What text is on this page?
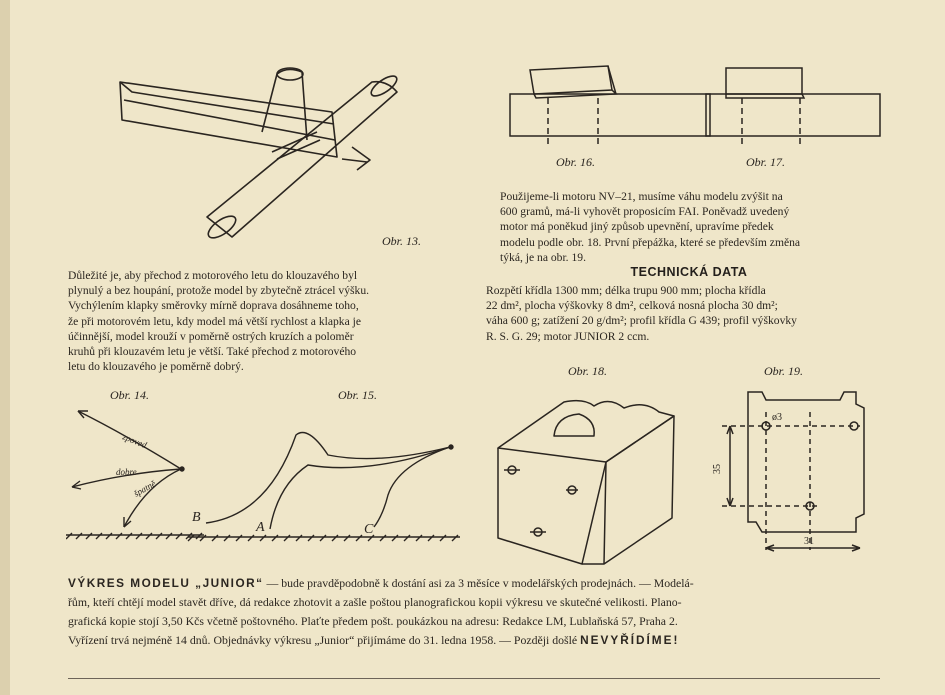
Obr. 13.
Obr. 16.	Obr. 17.
Použijeme-li motoru NV–21, musíme váhu modelu zvýšit na
600 gramů, má-li vyhovět proposicím FAI. Poněvadž uvedený
motor má poněkud jiný způsob upevnění, upravíme předek
modelu podle obr. 18. První přepážka, které se především změna
týká, je na obr. 19.
TECHNICKÁ DATA
Rozpětí křídla 1300 mm; délka trupu 900 mm; plocha křídla
22 dm², plocha výškovky 8 dm², celková nosná plocha 30 dm²;
váha 600 g; zatížení 20 g/dm²; profil křídla G 439; profil výškovky
R. S. G. 29; motor JUNIOR 2 ccm.
Důležité je, aby přechod z motorového letu do klouzavého byl
plynulý a bez houpání, protože model by zbytečně ztrácel výšku.
Vychýlením klapky směrovky mírně doprava dosáhneme toho,
že při motorovém letu, kdy model má větší rychlost a klapka je
účinnější, model krouží v poměrně ostrých kruzích a poloměr
kruhů při klouzavém letu je větší. Také přechod z motorového
letu do klouzavého je poměrně dobrý.
Obr. 14.
zpoved
dobre
špatně
Obr. 15.
B
A	C
Obr. 18.	Obr. 19.
ø3
35
31
VÝKRES MODELU „JUNIOR“ — bude pravděpodobně k dostání asi za 3 měsíce v modelářských prodejnách. — Modelá-
řům, kteří chtějí model stavět dříve, dá redakce zhotovit a zašle poštou planografickou kopii výkresu ve skutečné velikosti. Plano-
grafická kopie stojí 3,50 Kčs včetně poštovného. Plaťte předem pošt. poukázkou na adresu: Redakce LM, Lublaňská 57, Praha 2.
Vyřízení trvá nejméně 14 dnů. Objednávky výkresu „Junior“ přijímáme do 31. ledna 1958. — Později došlé NEVYŘÍDÍME!
